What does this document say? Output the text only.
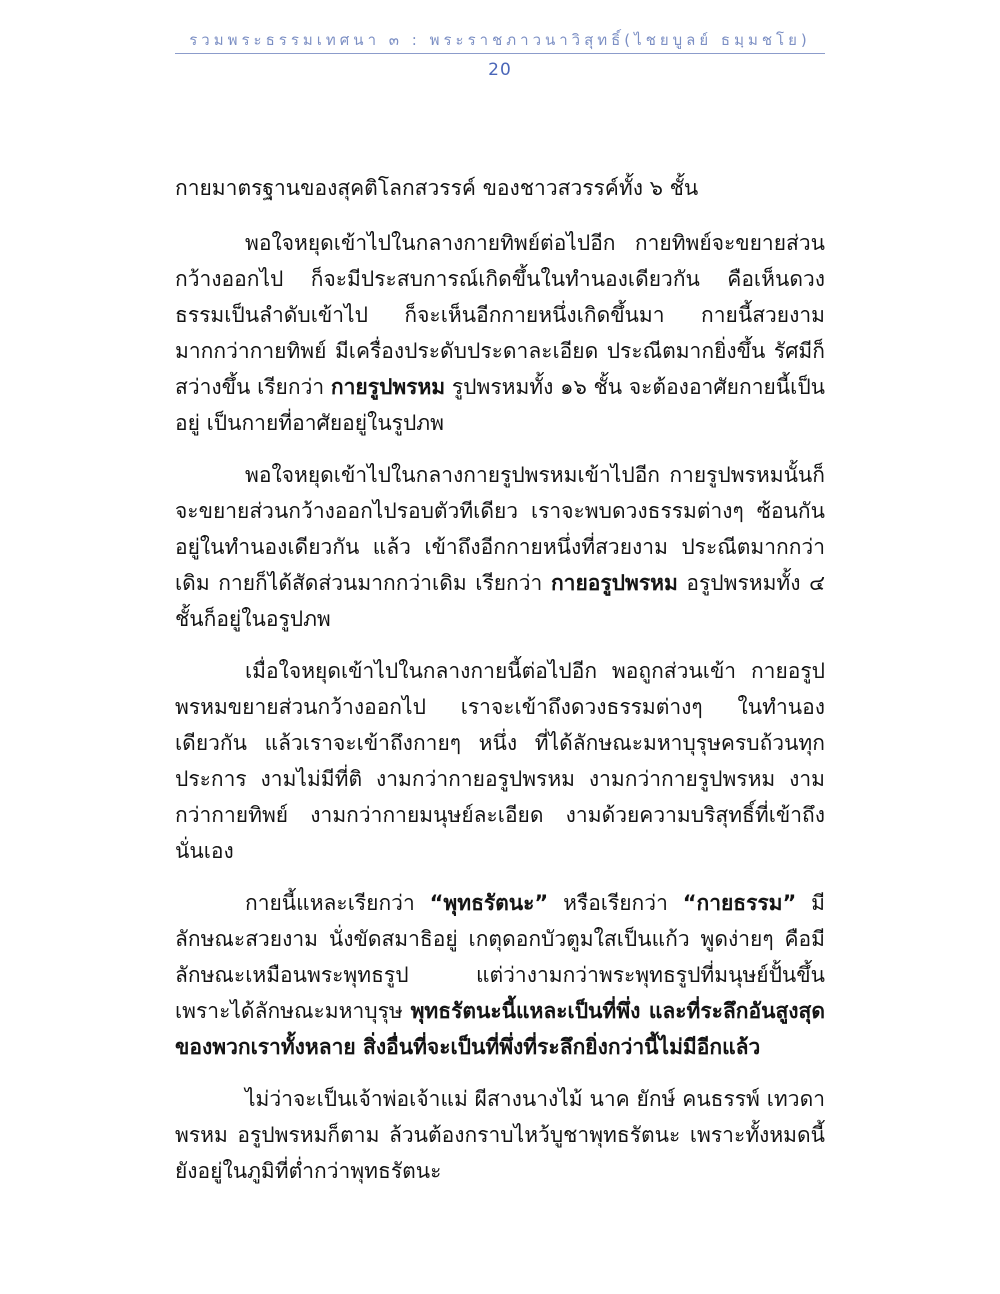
รวมพระธรรมเทศนา ๓ : พระราชภาวนาวิสุทธิ์(ไชยบูลย์ ธมฺมชโย)
20

กายมาตรฐานของสุคติโลกสวรรค์ ของชาวสวรรค์ทั้ง ๖ ชั้น

พอใจหยุดเข้าไปในกลางกายทิพย์ต่อไปอีก กายทิพย์จะขยายส่วนกว้างออกไป ก็จะมีประสบการณ์เกิดขึ้นในทำนองเดียวกัน คือเห็นดวงธรรมเป็นลำดับเข้าไป ก็จะเห็นอีกกายหนึ่งเกิดขึ้นมา กายนี้สวยงามมากกว่ากายทิพย์ มีเครื่องประดับประดาละเอียด ประณีตมากยิ่งขึ้น รัศมีก็สว่างขึ้น เรียกว่า กายรูปพรหม รูปพรหมทั้ง ๑๖ ชั้น จะต้องอาศัยกายนี้เป็นอยู่ เป็นกายที่อาศัยอยู่ในรูปภพ

พอใจหยุดเข้าไปในกลางกายรูปพรหมเข้าไปอีก กายรูปพรหมนั้นก็จะขยายส่วนกว้างออกไปรอบตัวทีเดียว เราจะพบดวงธรรมต่างๆ ซ้อนกันอยู่ในทำนองเดียวกัน แล้ว เข้าถึงอีกกายหนึ่งที่สวยงาม ประณีตมากกว่าเดิม กายก็ได้สัดส่วนมากกว่าเดิม เรียกว่า กายอรูปพรหม อรูปพรหมทั้ง ๔ ชั้นก็อยู่ในอรูปภพ

เมื่อใจหยุดเข้าไปในกลางกายนี้ต่อไปอีก พอถูกส่วนเข้า กายอรูปพรหมขยายส่วนกว้างออกไป เราจะเข้าถึงดวงธรรมต่างๆ ในทำนองเดียวกัน แล้วเราจะเข้าถึงกายๆ หนึ่ง ที่ได้ลักษณะมหาบุรุษครบถ้วนทุกประการ งามไม่มีที่ติ งามกว่ากายอรูปพรหม งามกว่ากายรูปพรหม งามกว่ากายทิพย์ งามกว่ากายมนุษย์ละเอียด งามด้วยความบริสุทธิ์ที่เข้าถึงนั่นเอง

กายนี้แหละเรียกว่า “พุทธรัตนะ” หรือเรียกว่า “กายธรรม” มีลักษณะสวยงาม นั่งขัดสมาธิอยู่ เกตุดอกบัวตูมใสเป็นแก้ว พูดง่ายๆ คือมีลักษณะเหมือนพระพุทธรูป แต่ว่างามกว่าพระพุทธรูปที่มนุษย์ปั้นขึ้น เพราะได้ลักษณะมหาบุรุษ พุทธรัตนะนี้แหละเป็นที่พึ่ง และที่ระลึกอันสูงสุดของพวกเราทั้งหลาย สิ่งอื่นที่จะเป็นที่พึ่งที่ระลึกยิ่งกว่านี้ไม่มีอีกแล้ว

ไม่ว่าจะเป็นเจ้าพ่อเจ้าแม่ ผีสางนางไม้ นาค ยักษ์ คนธรรพ์ เทวดา พรหม อรูปพรหมก็ตาม ล้วนต้องกราบไหว้บูชาพุทธรัตนะ เพราะทั้งหมดนี้ยังอยู่ในภูมิที่ต่ำกว่าพุทธรัตนะ
